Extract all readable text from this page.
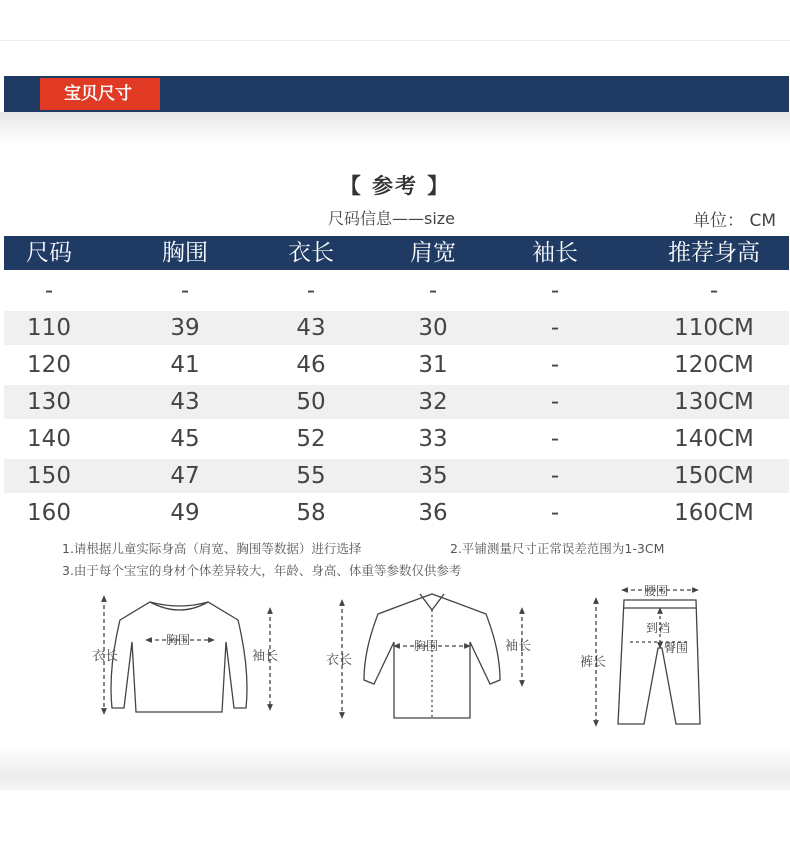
宝贝尺寸
【 参考 】
尺码信息——size	单位： CM
尺码	胸围	衣长	肩宽	袖长	推荐身高
-	-	-	-	-	-
110	39	43	30	-	110CM
120	41	46	31	-	120CM
130	43	50	32	-	130CM
140	45	52	33	-	140CM
150	47	55	35	-	150CM
160	49	58	36	-	160CM
1.请根据儿童实际身高（肩宽、胸围等数据）进行选择	2.平铺测量尺寸正常误差范围为1-3CM
3.由于每个宝宝的身材个体差异较大，年龄、身高、体重等参数仅供参考
衣长
胸围
袖长	衣长
胸围	袖长
腰围
到裆
臀围
裤长
